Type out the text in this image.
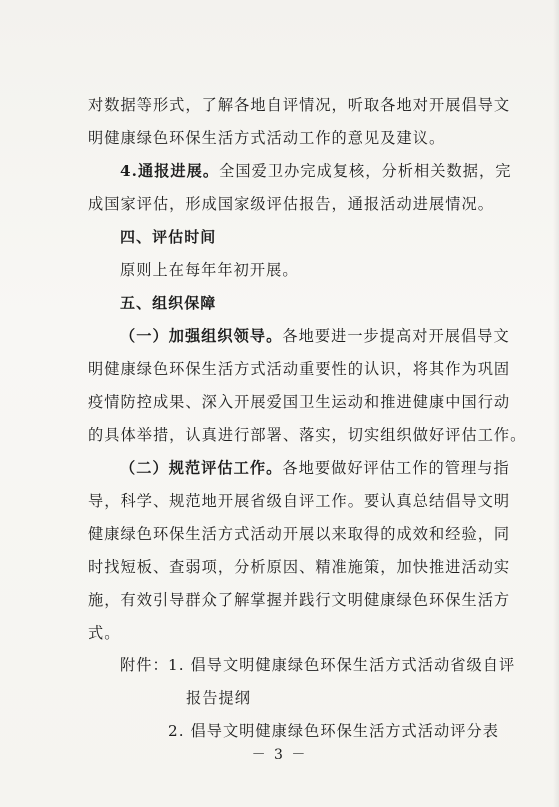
对数据等形式，了解各地自评情况，听取各地对开展倡导文
明健康绿色环保生活方式活动工作的意见及建议。
4.通报进展。全国爱卫办完成复核，分析相关数据，完
成国家评估，形成国家级评估报告，通报活动进展情况。
四、评估时间
原则上在每年年初开展。
五、组织保障
（一）加强组织领导。各地要进一步提高对开展倡导文
明健康绿色环保生活方式活动重要性的认识，将其作为巩固
疫情防控成果、深入开展爱国卫生运动和推进健康中国行动
的具体举措，认真进行部署、落实，切实组织做好评估工作。
（二）规范评估工作。各地要做好评估工作的管理与指
导，科学、规范地开展省级自评工作。要认真总结倡导文明
健康绿色环保生活方式活动开展以来取得的成效和经验，同
时找短板、查弱项，分析原因、精准施策，加快推进活动实
施，有效引导群众了解掌握并践行文明健康绿色环保生活方
式。
附件： 1. 倡导文明健康绿色环保生活方式活动省级自评
报告提纲
2. 倡导文明健康绿色环保生活方式活动评分表
－ 3 －
